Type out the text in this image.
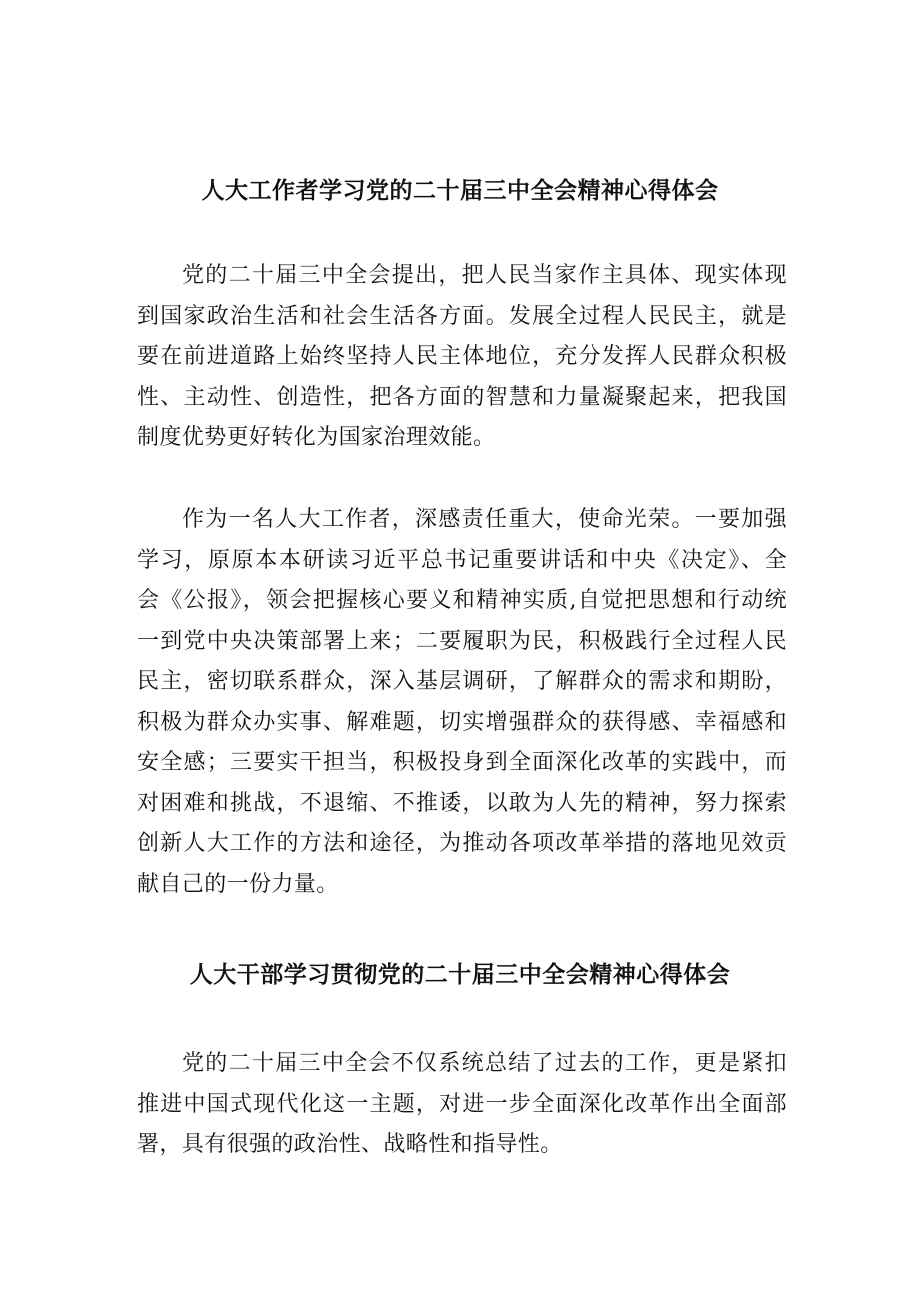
人大工作者学习党的二十届三中全会精神心得体会
党的二十届三中全会提出，把人民当家作主具体、现实体现
到国家政治生活和社会生活各方面。发展全过程人民民主，就是
要在前进道路上始终坚持人民主体地位，充分发挥人民群众积极
性、主动性、创造性，把各方面的智慧和力量凝聚起来，把我国
制度优势更好转化为国家治理效能。
作为一名人大工作者，深感责任重大，使命光荣。一要加强
学习，原原本本研读习近平总书记重要讲话和中央《决定》、全
会《公报》，领会把握核心要义和精神实质,自觉把思想和行动统
一到党中央决策部署上来；二要履职为民，积极践行全过程人民
民主，密切联系群众，深入基层调研，了解群众的需求和期盼，
积极为群众办实事、解难题，切实增强群众的获得感、幸福感和
安全感；三要实干担当，积极投身到全面深化改革的实践中，而
对困难和挑战，不退缩、不推诿，以敢为人先的精神，努力探索
创新人大工作的方法和途径，为推动各项改革举措的落地见效贡
献自己的一份力量。
人大干部学习贯彻党的二十届三中全会精神心得体会
党的二十届三中全会不仅系统总结了过去的工作，更是紧扣
推进中国式现代化这一主题，对进一步全面深化改革作出全面部
署，具有很强的政治性、战略性和指导性。
